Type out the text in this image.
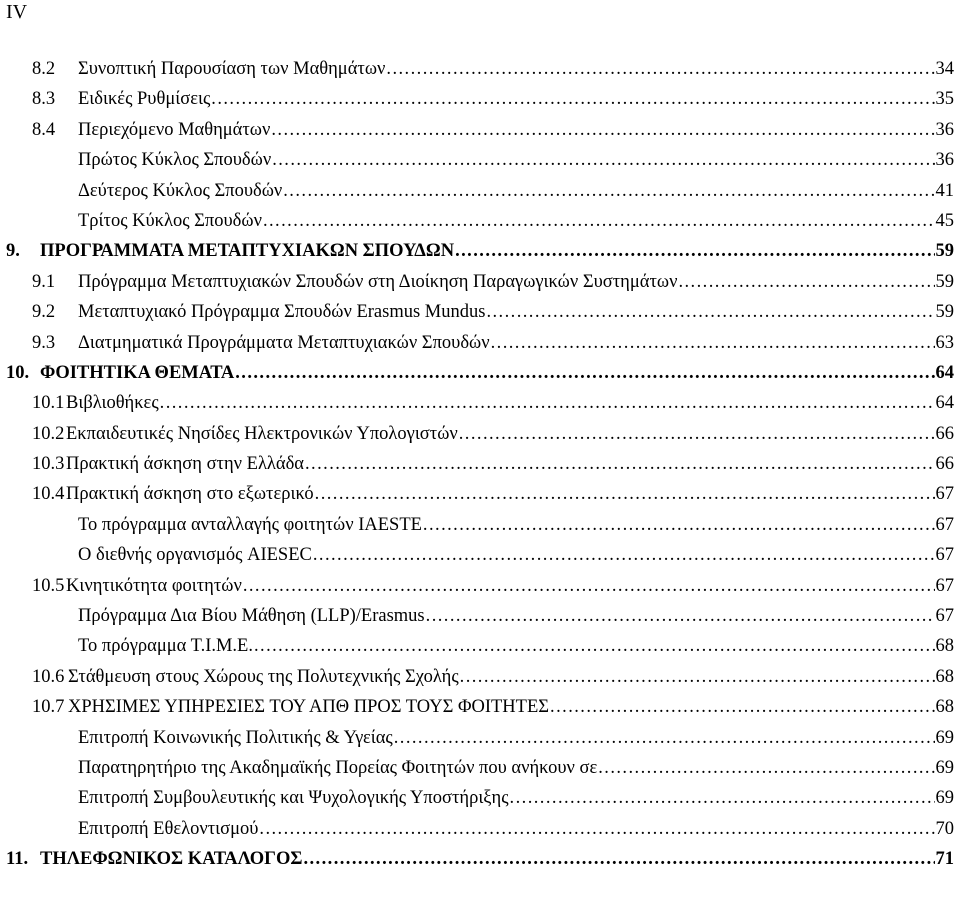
IV
8.2 Συνοπτική Παρουσίαση των Μαθημάτων . . .	34
8.3 Ειδικές Ρυθμίσεις . . .	35
8.4 Περιεχόμενο Μαθημάτων . . .	36
Πρώτος Κύκλος Σπουδών . . .	36
Δεύτερος Κύκλος Σπουδών . . .	41
Τρίτος Κύκλος Σπουδών . . .	45
9. ΠΡΟΓΡΑΜΜΑΤΑ ΜΕΤΑΠΤΥΧΙΑΚΩΝ ΣΠΟΥΔΩΝ . . .	59
9.1 Πρόγραμμα Μεταπτυχιακών Σπουδών στη Διοίκηση Παραγωγικών Συστημάτων . . .	59
9.2 Μεταπτυχιακό Πρόγραμμα Σπουδών Erasmus Mundus . . .	59
9.3 Διατμηματικά Προγράμματα Μεταπτυχιακών Σπουδών . . .	63
10. ΦΟΙΤΗΤΙΚΑ ΘΕΜΑΤΑ . . .	64
10.1 Βιβλιοθήκες . . .	64
10.2 Εκπαιδευτικές Νησίδες Ηλεκτρονικών Υπολογιστών . . .	66
10.3 Πρακτική άσκηση στην Ελλάδα . . .	66
10.4 Πρακτική άσκηση στο εξωτερικό . . .	67
Το πρόγραμμα ανταλλαγής φοιτητών IAESTE . . .	67
Ο διεθνής οργανισμός AIESEC . . .	67
10.5 Κινητικότητα φοιτητών . . .	67
Πρόγραμμα Δια Βίου Μάθηση (LLP)/Erasmus . . .	67
Το πρόγραμμα Τ.Ι.Μ.Ε. . . .	68
10.6 Στάθμευση στους Χώρους της Πολυτεχνικής Σχολής . . .	68
10.7 ΧΡΗΣΙΜΕΣ ΥΠΗΡΕΣΙΕΣ ΤΟΥ ΑΠΘ ΠΡΟΣ ΤΟΥΣ ΦΟΙΤΗΤΕΣ . . .	68
Επιτροπή Κοινωνικής Πολιτικής & Υγείας . . .	69
Παρατηρητήριο της Ακαδημαϊκής Πορείας Φοιτητών που ανήκουν σε . . .	69
Επιτροπή Συμβουλευτικής και Ψυχολογικής Υποστήριξης . . .	69
Επιτροπή Εθελοντισμού . . .	70
11. ΤΗΛΕΦΩΝΙΚΟΣ ΚΑΤΑΛΟΓΟΣ . . .	71
